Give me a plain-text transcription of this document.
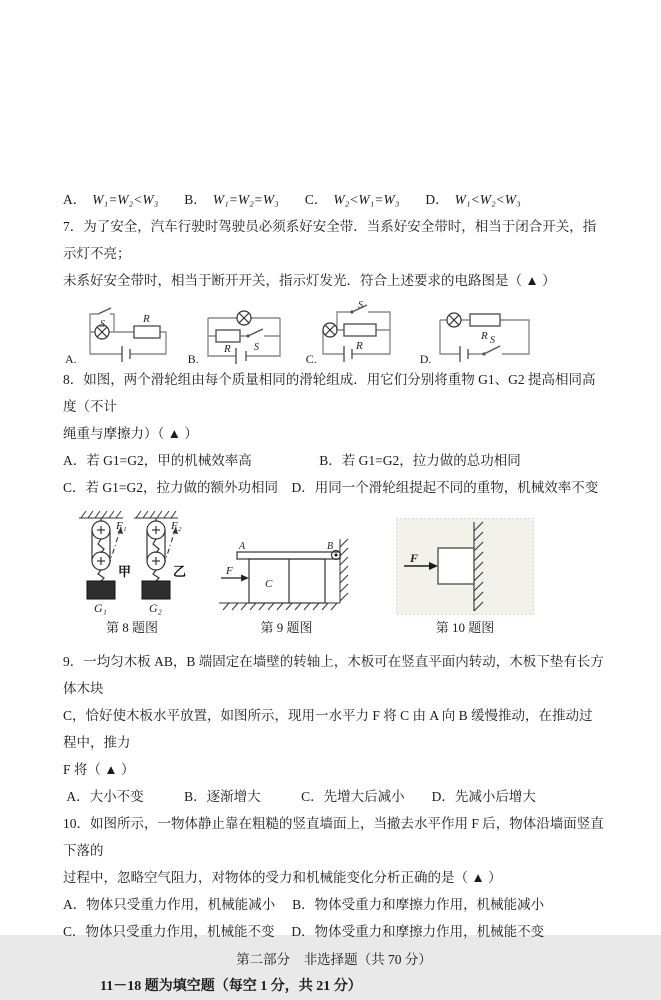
A． W₁=W₂<W₃ B． W₁=W₂=W₃ C． W₂<W₁=W₃ D． W₁<W₂<W₃
7．为了安全，汽车行驶时驾驶员必须系好安全带．当系好安全带时，相当于闭合开关，指示灯不亮；
未系好安全带时，相当于断开开关，指示灯发光．符合上述要求的电路图是（ ▲ ）
A.
S	R
B.
R S
C.
S
R
D.
R S
8．如图，两个滑轮组由每个质量相同的滑轮组成．用它们分别将重物 G1、G2 提高相同高度（不计
绳重与摩擦力）（ ▲ ）
A．若 G1=G2，甲的机械效率高　　　　　B．若 G1=G2，拉力做的总功相同
C．若 G1=G2，拉力做的额外功相同　D．用同一个滑轮组提起不同的重物，机械效率不变
F₁
甲
G₁
F₂
乙
G₂
第 8 题图
A	B
C
F
第 9 题图
F
第 10 题图
9．一均匀木板 AB，B 端固定在墙壁的转轴上，木板可在竖直平面内转动，木板下垫有长方体木块
C，恰好使木板水平放置，如图所示，现用一水平力 F 将 C 由 A 向 B 缓慢推动，在推动过程中，推力
F 将（ ▲ ）
A．大小不变　　　B．逐渐增大　　　C．先增大后减小　　D．先减小后增大
10．如图所示，一物体静止靠在粗糙的竖直墙面上，当撤去水平作用 F 后，物体沿墙面竖直下落的
过程中，忽略空气阻力，对物体的受力和机械能变化分析正确的是（ ▲ ）
A．物体只受重力作用，机械能减小　 B．物体受重力和摩擦力作用，机械能减小
C．物体只受重力作用，机械能不变　 D．物体受重力和摩擦力作用，机械能不变
第二部分　非选择题（共 70 分）
11－18 题为填空题（每空 1 分，共 21 分）
